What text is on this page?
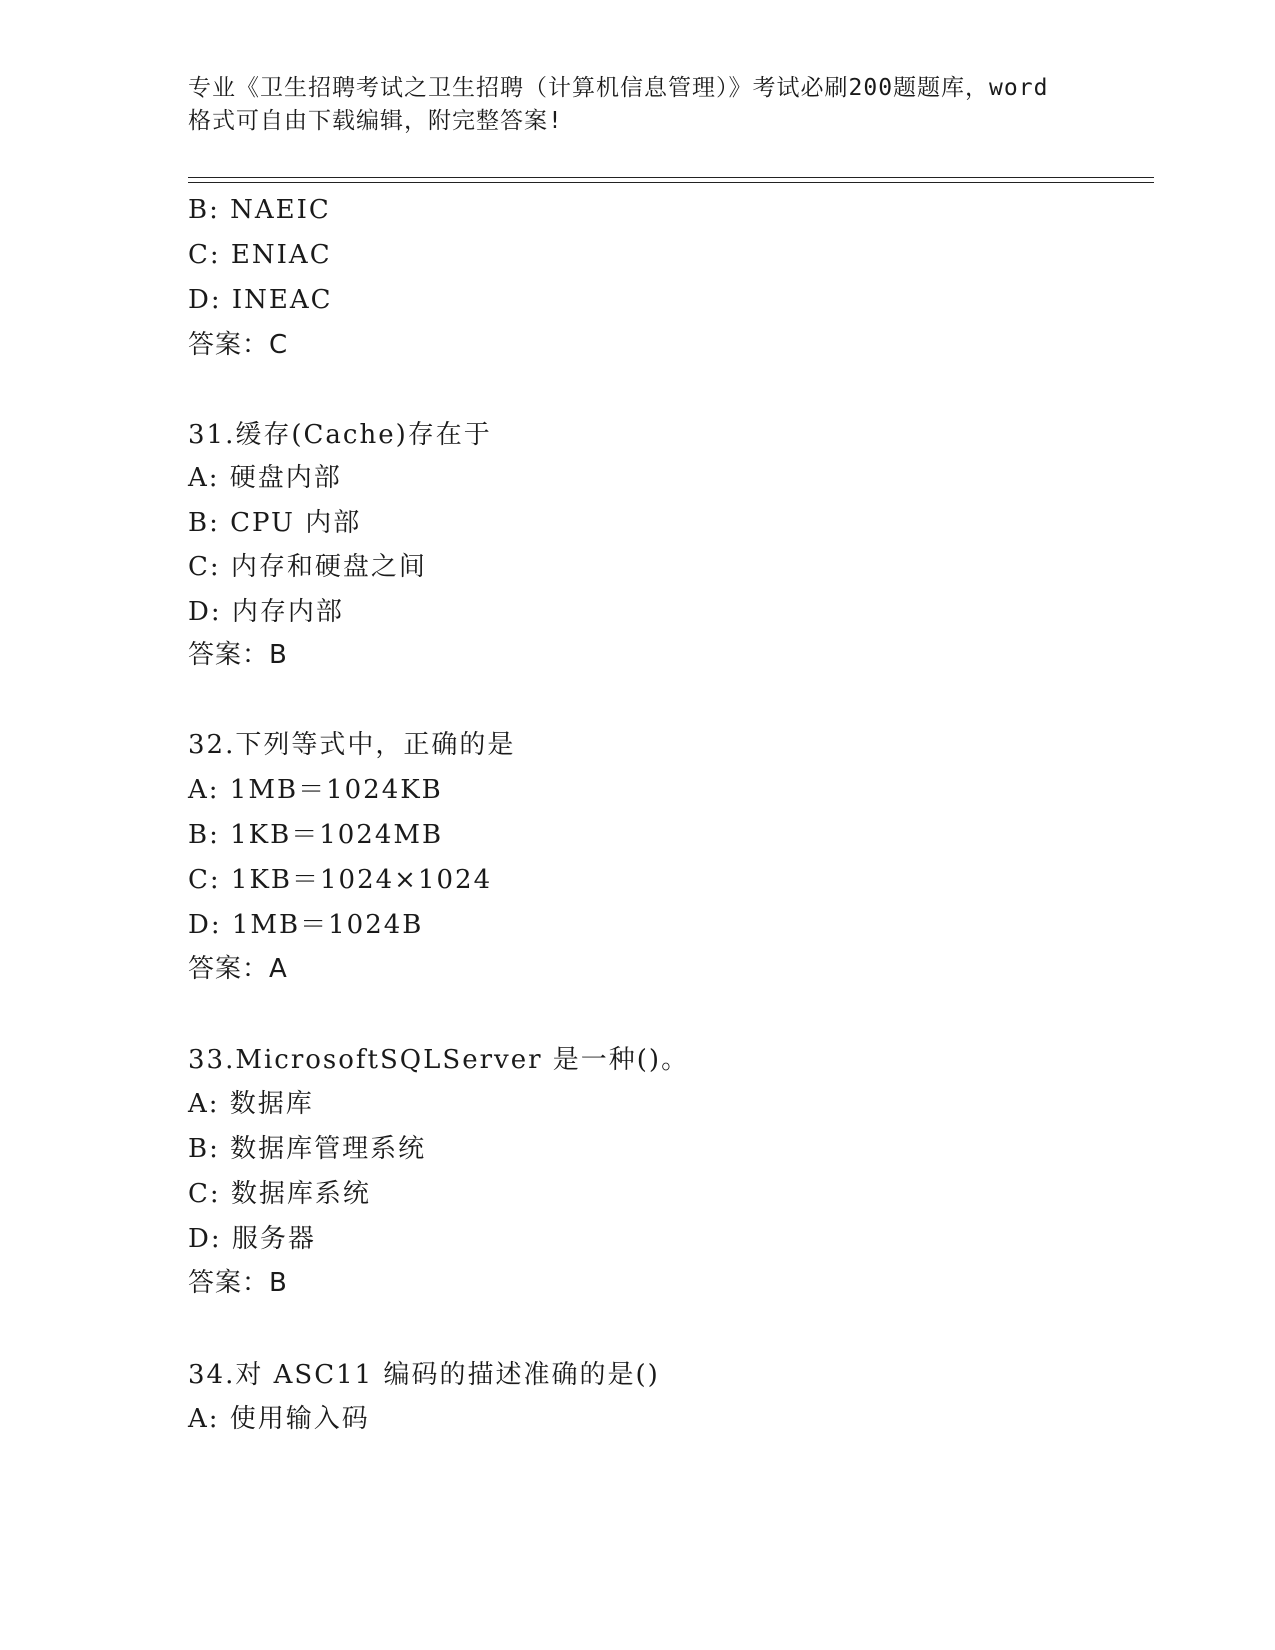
专业《卫生招聘考试之卫生招聘（计算机信息管理）》考试必刷200题题库，word
格式可自由下载编辑，附完整答案!
B: NAEIC
C: ENIAC
D: INEAC
答案：C
31.缓存(Cache)存在于
A: 硬盘内部
B: CPU 内部
C: 内存和硬盘之间
D: 内存内部
答案：B
32.下列等式中，正确的是
A: 1MB＝1024KB
B: 1KB＝1024MB
C: 1KB＝1024×1024
D: 1MB＝1024B
答案：A
33.MicrosoftSQLServer 是一种()。
A: 数据库
B: 数据库管理系统
C: 数据库系统
D: 服务器
答案：B
34.对 ASC11 编码的描述准确的是()
A: 使用输入码
